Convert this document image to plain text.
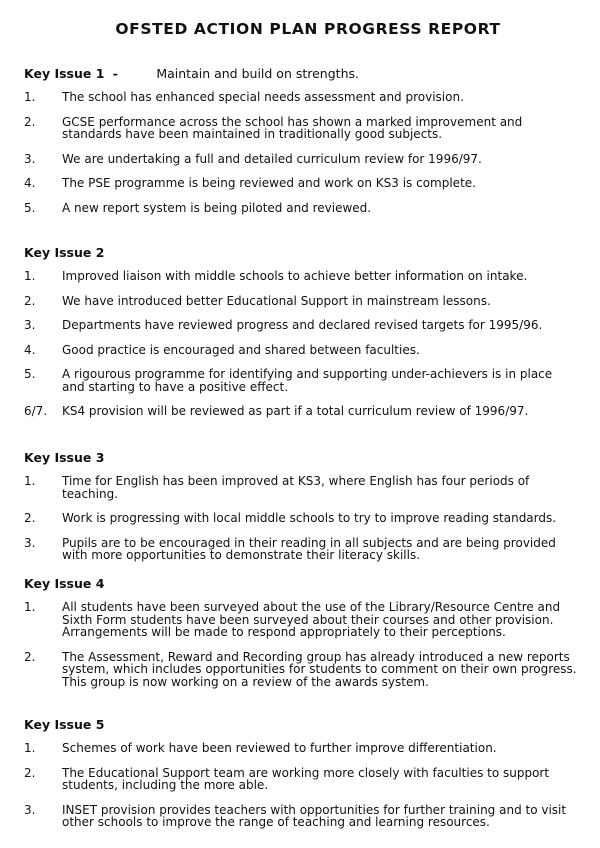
OFSTED ACTION PLAN PROGRESS REPORT
Key Issue 1 -	Maintain and build on strengths.
1.	The school has enhanced special needs assessment and provision.
2.	GCSE performance across the school has shown a marked improvement and standards have been maintained in traditionally good subjects.
3.	We are undertaking a full and detailed curriculum review for 1996/97.
4.	The PSE programme is being reviewed and work on KS3 is complete.
5.	A new report system is being piloted and reviewed.
Key Issue 2
1.	Improved liaison with middle schools to achieve better information on intake.
2.	We have introduced better Educational Support in mainstream lessons.
3.	Departments have reviewed progress and declared revised targets for 1995/96.
4.	Good practice is encouraged and shared between faculties.
5.	A rigourous programme for identifying and supporting under-achievers is in place and starting to have a positive effect.
6/7.	KS4 provision will be reviewed as part if a total curriculum review of 1996/97.
Key Issue 3
1.	Time for English has been improved at KS3, where English has four periods of teaching.
2.	Work is progressing with local middle schools to try to improve reading standards.
3.	Pupils are to be encouraged in their reading in all subjects and are being provided with more opportunities to demonstrate their literacy skills.
Key Issue 4
1.	All students have been surveyed about the use of the Library/Resource Centre and Sixth Form students have been surveyed about their courses and other provision. Arrangements will be made to respond appropriately to their perceptions.
2.	The Assessment, Reward and Recording group has already introduced a new reports system, which includes opportunities for students to comment on their own progress. This group is now working on a review of the awards system.
Key Issue 5
1.	Schemes of work have been reviewed to further improve differentiation.
2.	The Educational Support team are working more closely with faculties to support students, including the more able.
3.	INSET provision provides teachers with opportunities for further training and to visit other schools to improve the range of teaching and learning resources.
